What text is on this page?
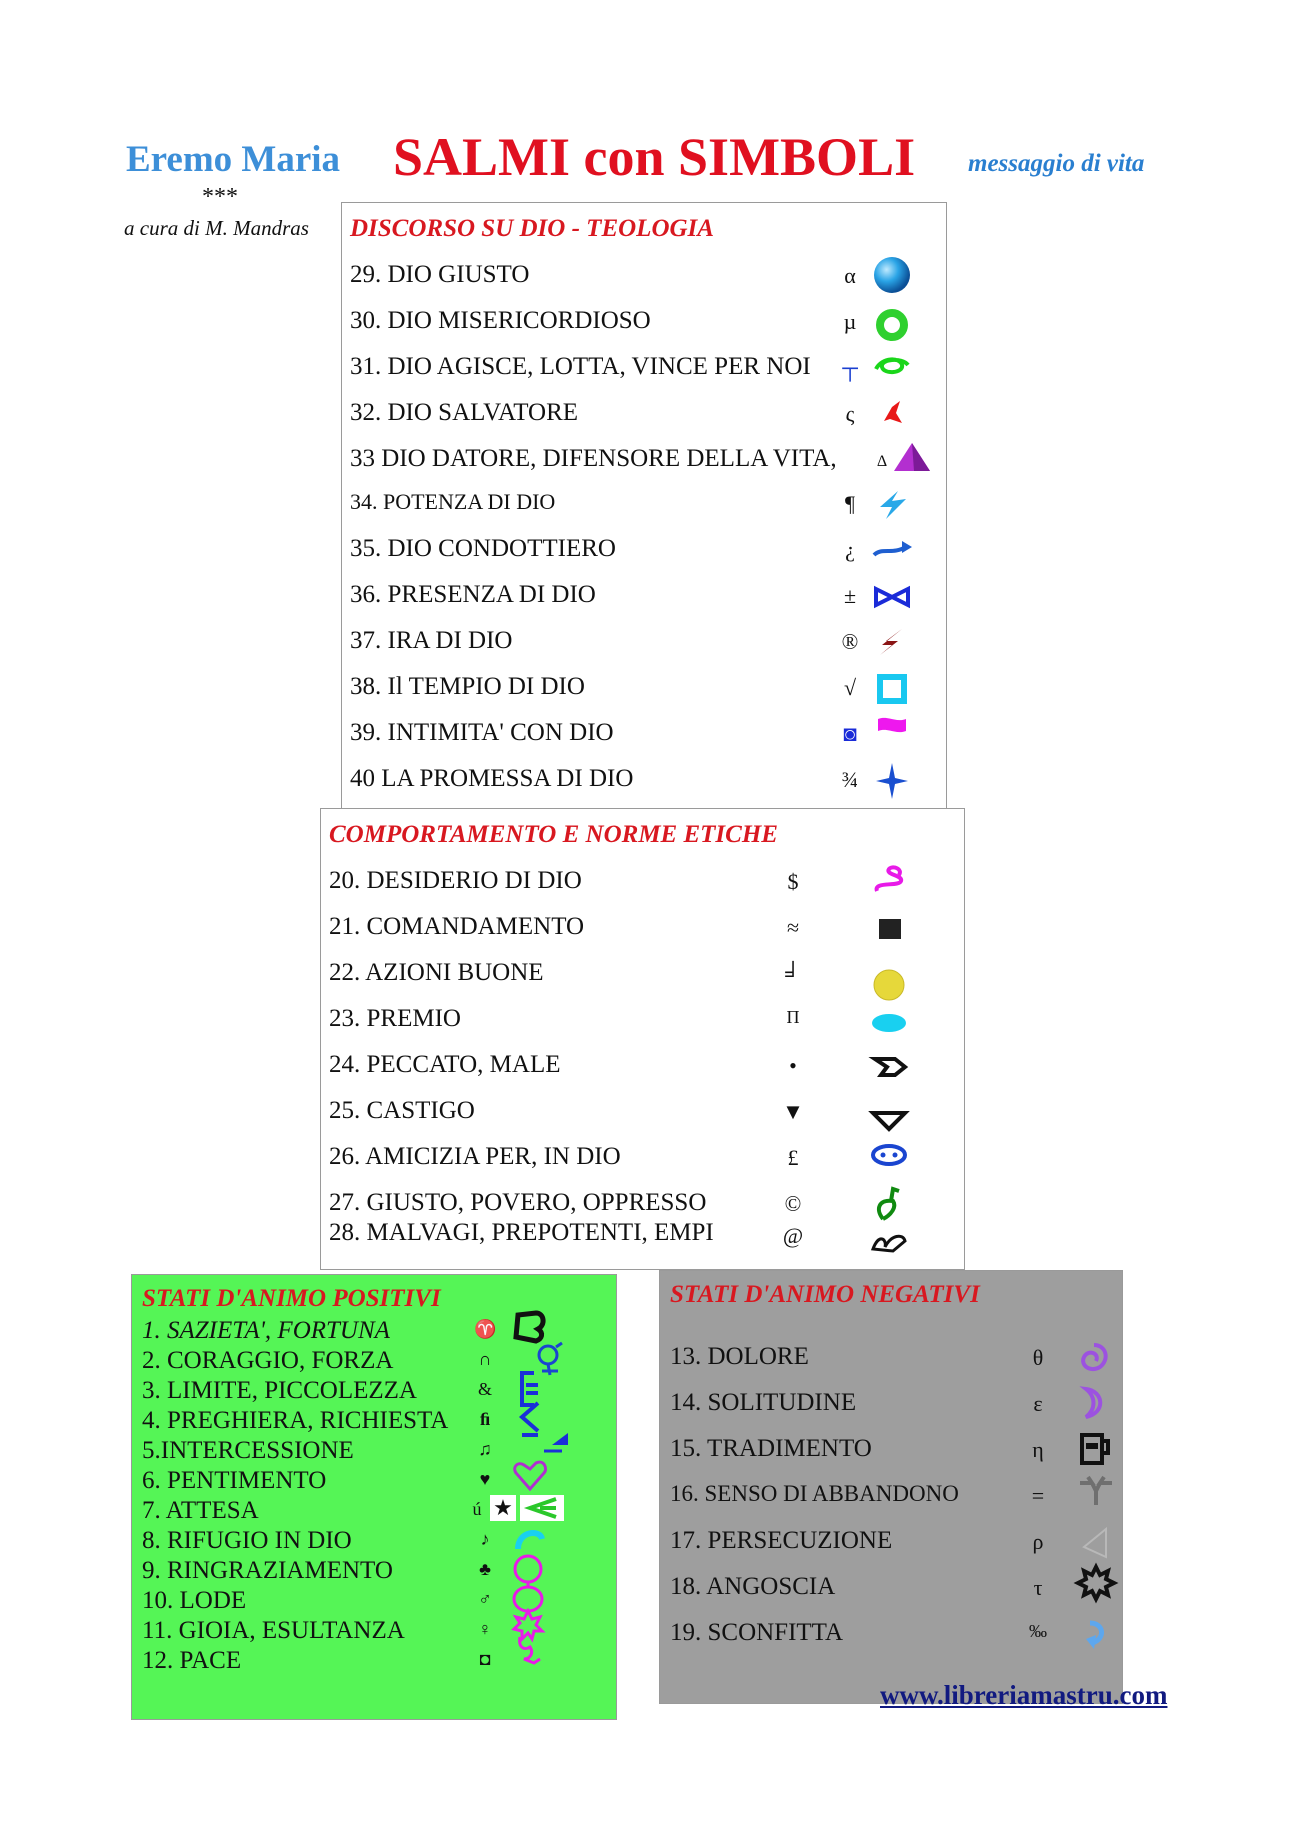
Eremo Maria SALMI con SIMBOLI messaggio di vita
***
a cura di M. Mandras DISCORSO SU DIO - TEOLOGIA
29. DIO GIUSTO	α
30. DIO MISERICORDIOSO	µ
31. DIO AGISCE, LOTTA, VINCE PER NOI ┬
32. DIO SALVATORE	ς
33 DIO DATORE, DIFENSORE DELLA VITA,	∆
34. POTENZA DI DIO	¶
35. DIO CONDOTTIERO	¿
36. PRESENZA DI DIO	±
37. IRA DI DIO	®
38. Il TEMPIO DI DIO	√
39. INTIMITA' CON DIO	◙
40 LA PROMESSA DI DIO	¾
COMPORTAMENTO E NORME ETICHE
20. DESIDERIO DI DIO	$
21. COMANDAMENTO	≈
22. AZIONI BUONE	╛
23. PREMIO	Π
24. PECCATO, MALE	•
25. CASTIGO	▼
26. AMICIZIA PER, IN DIO	£
27. GIUSTO, POVERO, OPPRESSO	©
28. MALVAGI, PREPOTENTI, EMPI	@
STATI D'ANIMO POSITIVI
1. SAZIETA', FORTUNA	♈
2. CORAGGIO, FORZA	∩
3. LIMITE, PICCOLEZZA	&
4. PREGHIERA, RICHIESTA	ﬁ
5.INTERCESSIONE	♫
6. PENTIMENTO	♥
7. ATTESA	ú ★
8. RIFUGIO IN DIO	♪
9. RINGRAZIAMENTO	♣
10. LODE	♂
11. GIOIA, ESULTANZA	♀
12. PACE	◘
STATI D'ANIMO NEGATIVI
13. DOLORE	θ
14. SOLITUDINE	ε
15. TRADIMENTO	η
16. SENSO DI ABBANDONO	=
17. PERSECUZIONE	ρ
18. ANGOSCIA	τ
19. SCONFITTA	‰
www.libreriamastru.com
